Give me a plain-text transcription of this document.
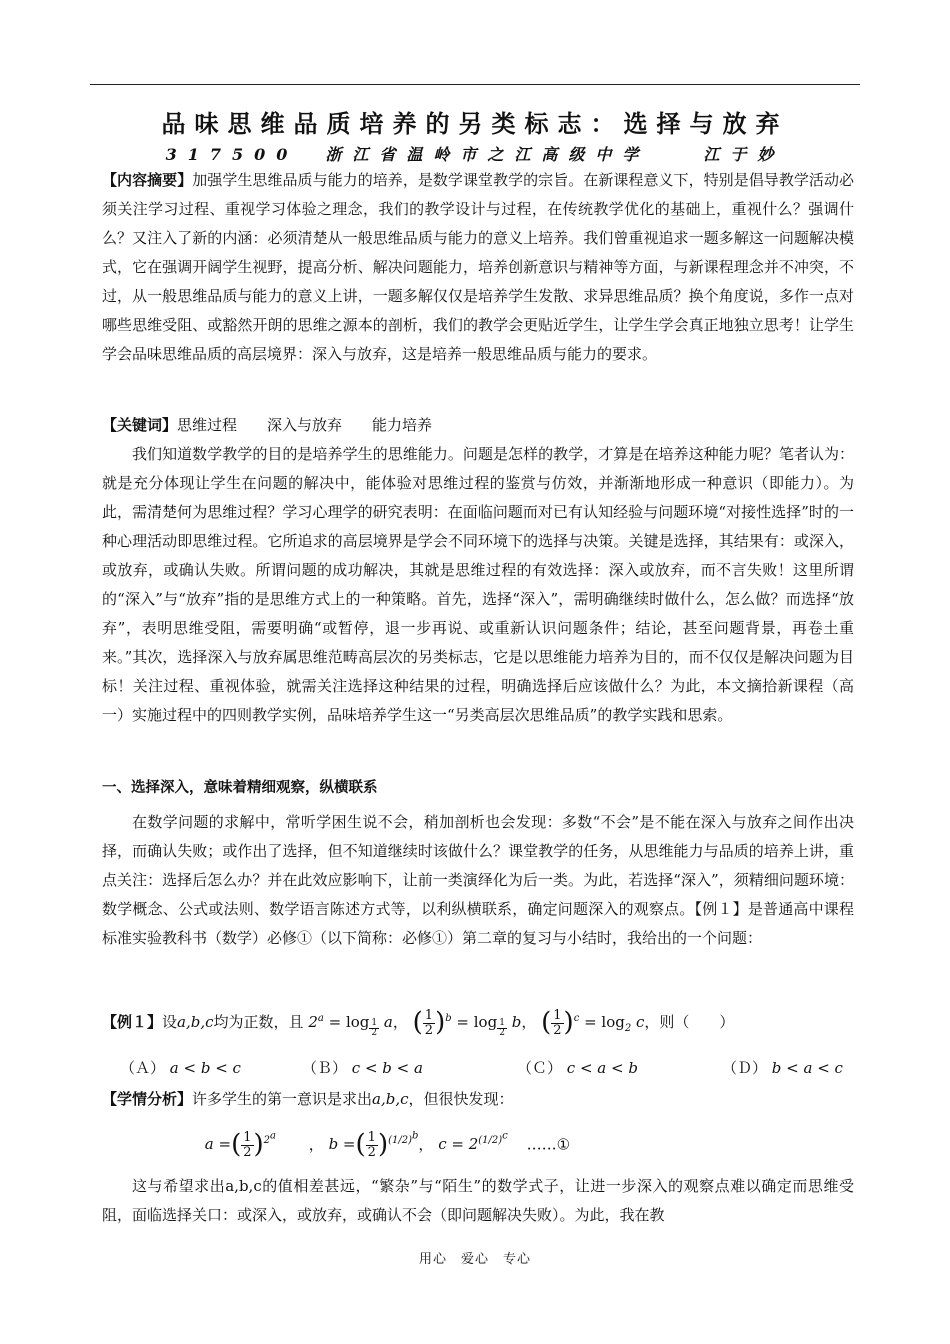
品味思维品质培养的另类标志：选择与放弃
317500　浙江省温岭市之江高级中学　　江于妙
【内容摘要】加强学生思维品质与能力的培养，是数学课堂教学的宗旨。在新课程意义下，特别是倡导教学活动必须关注学习过程、重视学习体验之理念，我们的教学设计与过程，在传统教学优化的基础上，重视什么？强调什么？又注入了新的内涵：必须清楚从一般思维品质与能力的意义上培养。我们曾重视追求一题多解这一问题解决模式，它在强调开阔学生视野，提高分析、解决问题能力，培养创新意识与精神等方面，与新课程理念并不冲突，不过，从一般思维品质与能力的意义上讲，一题多解仅仅是培养学生发散、求异思维品质？换个角度说，多作一点对哪些思维受阻、或豁然开朗的思维之源本的剖析，我们的教学会更贴近学生，让学生学会真正地独立思考！让学生学会品味思维品质的高层境界：深入与放弃，这是培养一般思维品质与能力的要求。
【关键词】思维过程 深入与放弃 能力培养
我们知道数学教学的目的是培养学生的思维能力。问题是怎样的教学，才算是在培养这种能力呢？笔者认为：就是充分体现让学生在问题的解决中，能体验对思维过程的鉴赏与仿效，并渐渐地形成一种意识（即能力）。为此，需清楚何为思维过程？学习心理学的研究表明：在面临问题而对已有认知经验与问题环境“对接性选择”时的一种心理活动即思维过程。它所追求的高层境界是学会不同环境下的选择与决策。关键是选择，其结果有：或深入，或放弃，或确认失败。所谓问题的成功解决，其就是思维过程的有效选择：深入或放弃，而不言失败！这里所谓的“深入”与“放弃”指的是思维方式上的一种策略。首先，选择“深入”，需明确继续时做什么，怎么做？而选择“放弃”，表明思维受阻，需要明确“或暂停，退一步再说、或重新认识问题条件；结论，甚至问题背景，再卷土重来。”其次，选择深入与放弃属思维范畴高层次的另类标志，它是以思维能力培养为目的，而不仅仅是解决问题为目标！关注过程、重视体验，就需关注选择这种结果的过程，明确选择后应该做什么？为此，本文摘拾新课程（高一）实施过程中的四则教学实例，品味培养学生这一“另类高层次思维品质”的教学实践和思索。
一、选择深入，意味着精细观察，纵横联系
在数学问题的求解中，常听学困生说不会，稍加剖析也会发现：多数“不会”是不能在深入与放弃之间作出决择，而确认失败；或作出了选择，但不知道继续时该做什么？课堂教学的任务，从思维能力与品质的培养上讲，重点关注：选择后怎么办？并在此效应影响下，让前一类演绎化为后一类。为此，若选择“深入”，须精细问题环境：数学概念、公式或法则、数学语言陈述方式等，以利纵横联系，确定问题深入的观察点。【例１】是普通高中课程标准实验教科书（数学）必修①（以下简称：必修①）第二章的复习与小结时，我给出的一个问题：
【例１】设a,b,c均为正数，且 $2^a = \log _{\frac{1}{2}}$ a， ( $\frac{1}{2} )^b = \log _{\frac{1}{2}}$ b， ( $\frac{1}{2} )^c = \log_2 c$，则（　　）
（Ａ） a < b < c	（Ｂ） c < b < a	（Ｃ） c < a < b	（Ｄ） b < a < c
【学情分析】许多学生的第一意识是求出a,b,c，但很快发现：
a =( $\frac{1}{2} )^{2^a}$ ， b =( $\frac{1}{2} )^{(1/2)^b}$， $c = 2^{(1/2)^c}$ ……①
这与希望求出a,b,c的值相差甚远，“繁杂”与“陌生”的数学式子，让进一步深入的观察点难以确定而思维受阻，面临选择关口：或深入，或放弃，或确认不会（即问题解决失败）。为此，我在教
用心　爱心　专心
